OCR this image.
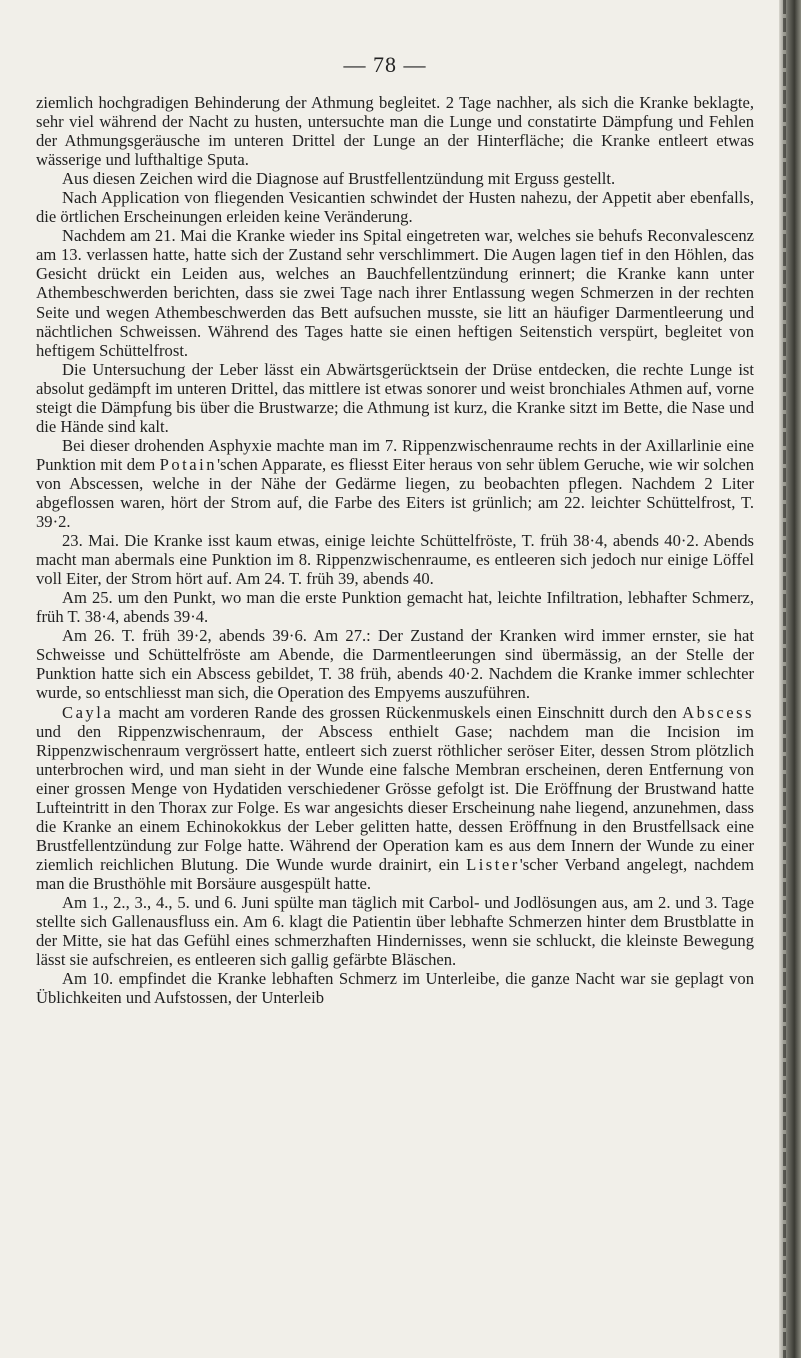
— 78 —

ziemlich hochgradigen Behinderung der Athmung begleitet. 2 Tage nachher, als sich die Kranke beklagte, sehr viel während der Nacht zu husten, untersuchte man die Lunge und constatirte Dämpfung und Fehlen der Athmungsgeräusche im unteren Drittel der Lunge an der Hinterfläche; die Kranke entleert etwas wässerige und lufthaltige Sputa.

Aus diesen Zeichen wird die Diagnose auf Brustfellentzündung mit Erguss gestellt.

Nach Application von fliegenden Vesicantien schwindet der Husten nahezu, der Appetit aber ebenfalls, die örtlichen Erscheinungen erleiden keine Veränderung.

Nachdem am 21. Mai die Kranke wieder ins Spital eingetreten war, welches sie behufs Reconvalescenz am 13. verlassen hatte, hatte sich der Zustand sehr verschlimmert. Die Augen lagen tief in den Höhlen, das Gesicht drückt ein Leiden aus, welches an Bauchfellentzündung erinnert; die Kranke kann unter Athembeschwerden berichten, dass sie zwei Tage nach ihrer Entlassung wegen Schmerzen in der rechten Seite und wegen Athembeschwerden das Bett aufsuchen musste, sie litt an häufiger Darmentleerung und nächtlichen Schweissen. Während des Tages hatte sie einen heftigen Seitenstich verspürt, begleitet von heftigem Schüttelfrost.

Die Untersuchung der Leber lässt ein Abwärtsgerücktsein der Drüse entdecken, die rechte Lunge ist absolut gedämpft im unteren Drittel, das mittlere ist etwas sonorer und weist bronchiales Athmen auf, vorne steigt die Dämpfung bis über die Brustwarze; die Athmung ist kurz, die Kranke sitzt im Bette, die Nase und die Hände sind kalt.

Bei dieser drohenden Asphyxie machte man im 7. Rippenzwischenraume rechts in der Axillarlinie eine Punktion mit dem Potain'schen Apparate, es fliesst Eiter heraus von sehr üblem Geruche, wie wir solchen von Abscessen, welche in der Nähe der Gedärme liegen, zu beobachten pflegen. Nachdem 2 Liter abgeflossen waren, hört der Strom auf, die Farbe des Eiters ist grünlich; am 22. leichter Schüttelfrost, T. 39·2.

23. Mai. Die Kranke isst kaum etwas, einige leichte Schüttelfröste, T. früh 38·4, abends 40·2. Abends macht man abermals eine Punktion im 8. Rippenzwischenraume, es entleeren sich jedoch nur einige Löffel voll Eiter, der Strom hört auf. Am 24. T. früh 39, abends 40.

Am 25. um den Punkt, wo man die erste Punktion gemacht hat, leichte Infiltration, lebhafter Schmerz, früh T. 38·4, abends 39·4.

Am 26. T. früh 39·2, abends 39·6. Am 27.: Der Zustand der Kranken wird immer ernster, sie hat Schweisse und Schüttelfröste am Abende, die Darmentleerungen sind übermässig, an der Stelle der Punktion hatte sich ein Abscess gebildet, T. 38 früh, abends 40·2. Nachdem die Kranke immer schlechter wurde, so entschliesst man sich, die Operation des Empyems auszuführen.

Cayla macht am vorderen Rande des grossen Rückenmuskels einen Einschnitt durch den Abscess und den Rippenzwischenraum, der Abscess enthielt Gase; nachdem man die Incision im Rippenzwischenraum vergrössert hatte, entleert sich zuerst röthlicher seröser Eiter, dessen Strom plötzlich unterbrochen wird, und man sieht in der Wunde eine falsche Membran erscheinen, deren Entfernung von einer grossen Menge von Hydatiden verschiedener Grösse gefolgt ist. Die Eröffnung der Brustwand hatte Lufteintritt in den Thorax zur Folge. Es war angesichts dieser Erscheinung nahe liegend, anzunehmen, dass die Kranke an einem Echinokokkus der Leber gelitten hatte, dessen Eröffnung in den Brustfellsack eine Brustfellentzündung zur Folge hatte. Während der Operation kam es aus dem Innern der Wunde zu einer ziemlich reichlichen Blutung. Die Wunde wurde drainirt, ein Lister'scher Verband angelegt, nachdem man die Brusthöhle mit Borsäure ausgespült hatte.

Am 1., 2., 3., 4., 5. und 6. Juni spülte man täglich mit Carbol- und Jodlösungen aus, am 2. und 3. Tage stellte sich Gallenausfluss ein. Am 6. klagt die Patientin über lebhafte Schmerzen hinter dem Brustblatte in der Mitte, sie hat das Gefühl eines schmerzhaften Hindernisses, wenn sie schluckt, die kleinste Bewegung lässt sie aufschreien, es entleeren sich gallig gefärbte Bläschen.

Am 10. empfindet die Kranke lebhaften Schmerz im Unterleibe, die ganze Nacht war sie geplagt von Üblichkeiten und Aufstossen, der Unterleib
